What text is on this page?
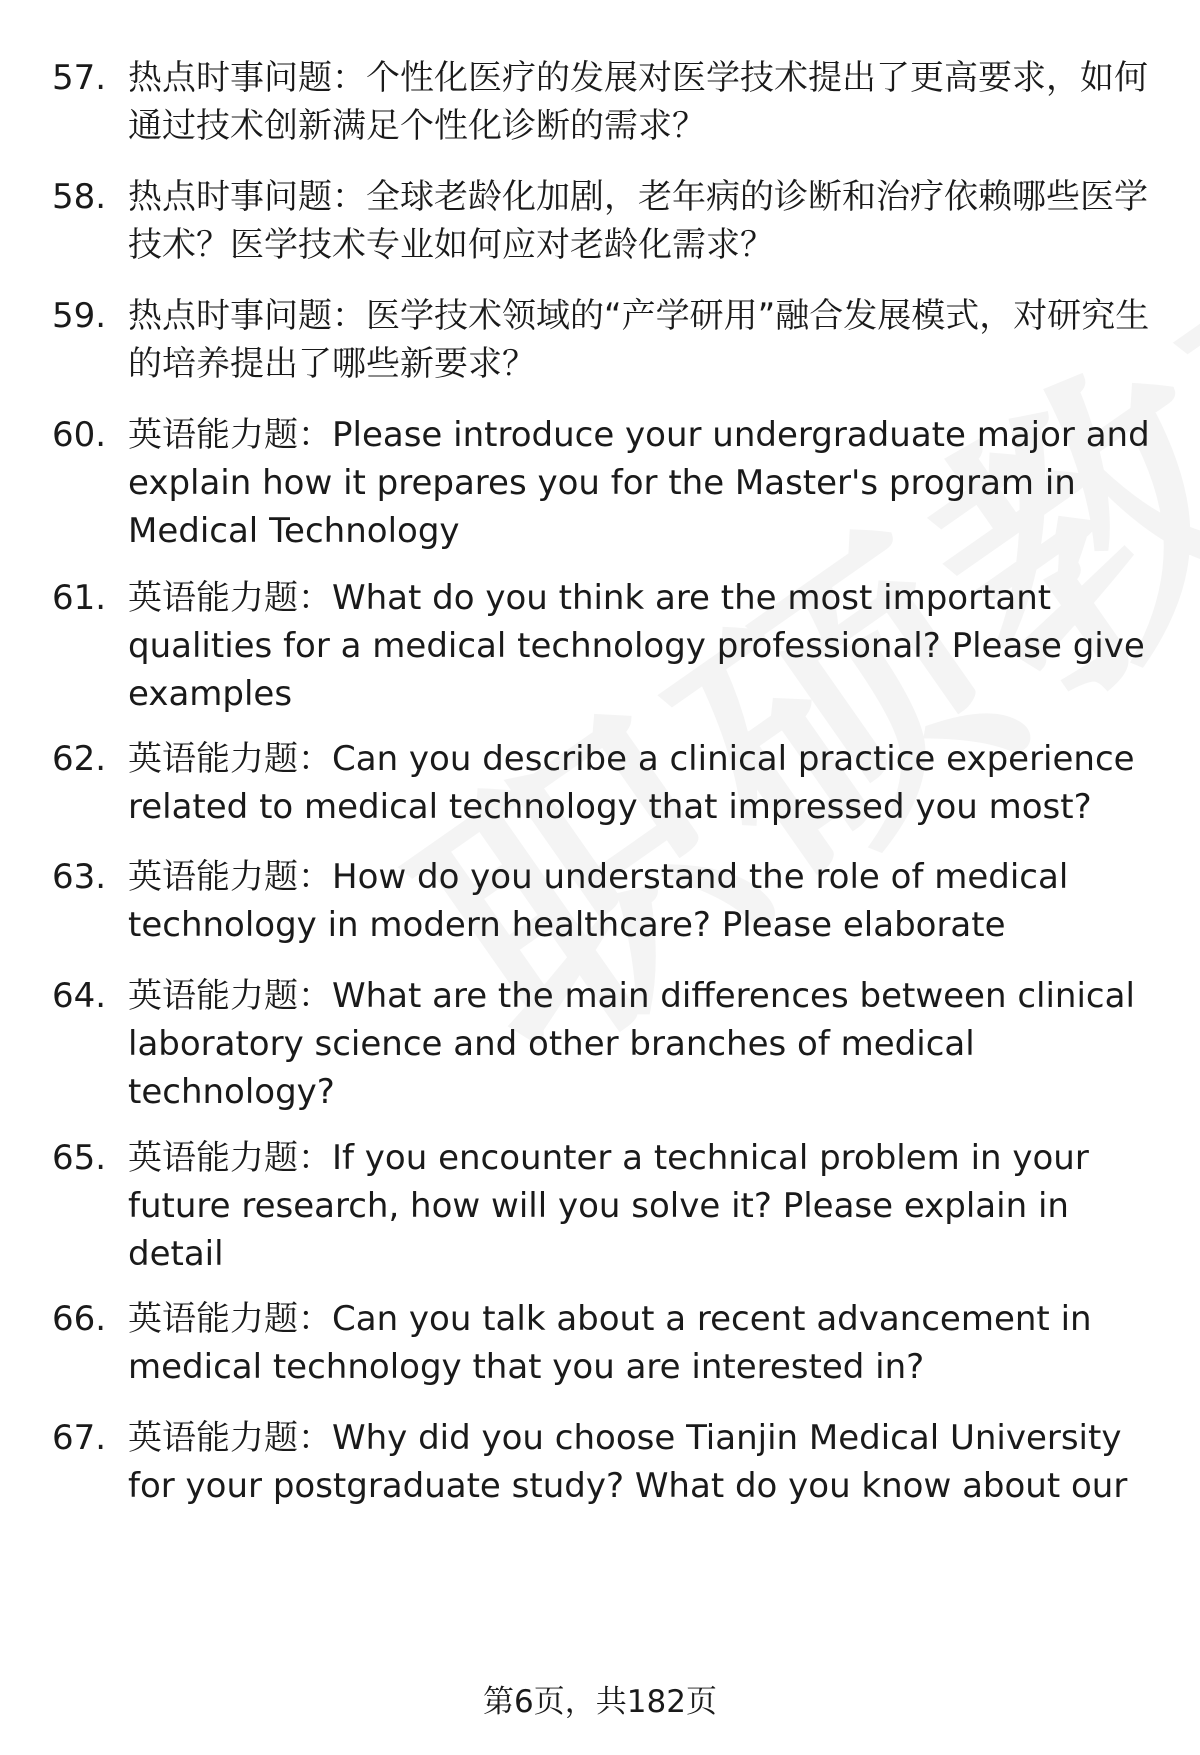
57. 热点时事问题：个性化医疗的发展对医学技术提出了更高要求，如何通过技术创新满足个性化诊断的需求？
58. 热点时事问题：全球老龄化加剧，老年病的诊断和治疗依赖哪些医学技术？医学技术专业如何应对老龄化需求？
59. 热点时事问题：医学技术领域的“产学研用”融合发展模式，对研究生的培养提出了哪些新要求？
60. 英语能力题：Please introduce your undergraduate major and explain how it prepares you for the Master's program in Medical Technology
61. 英语能力题：What do you think are the most important qualities for a medical technology professional? Please give examples
62. 英语能力题：Can you describe a clinical practice experience related to medical technology that impressed you most?
63. 英语能力题：How do you understand the role of medical technology in modern healthcare? Please elaborate
64. 英语能力题：What are the main differences between clinical laboratory science and other branches of medical technology?
65. 英语能力题：If you encounter a technical problem in your future research, how will you solve it? Please explain in detail
66. 英语能力题：Can you talk about a recent advancement in medical technology that you are interested in?
67. 英语能力题：Why did you choose Tianjin Medical University for your postgraduate study? What do you know about our
第6页，共182页
